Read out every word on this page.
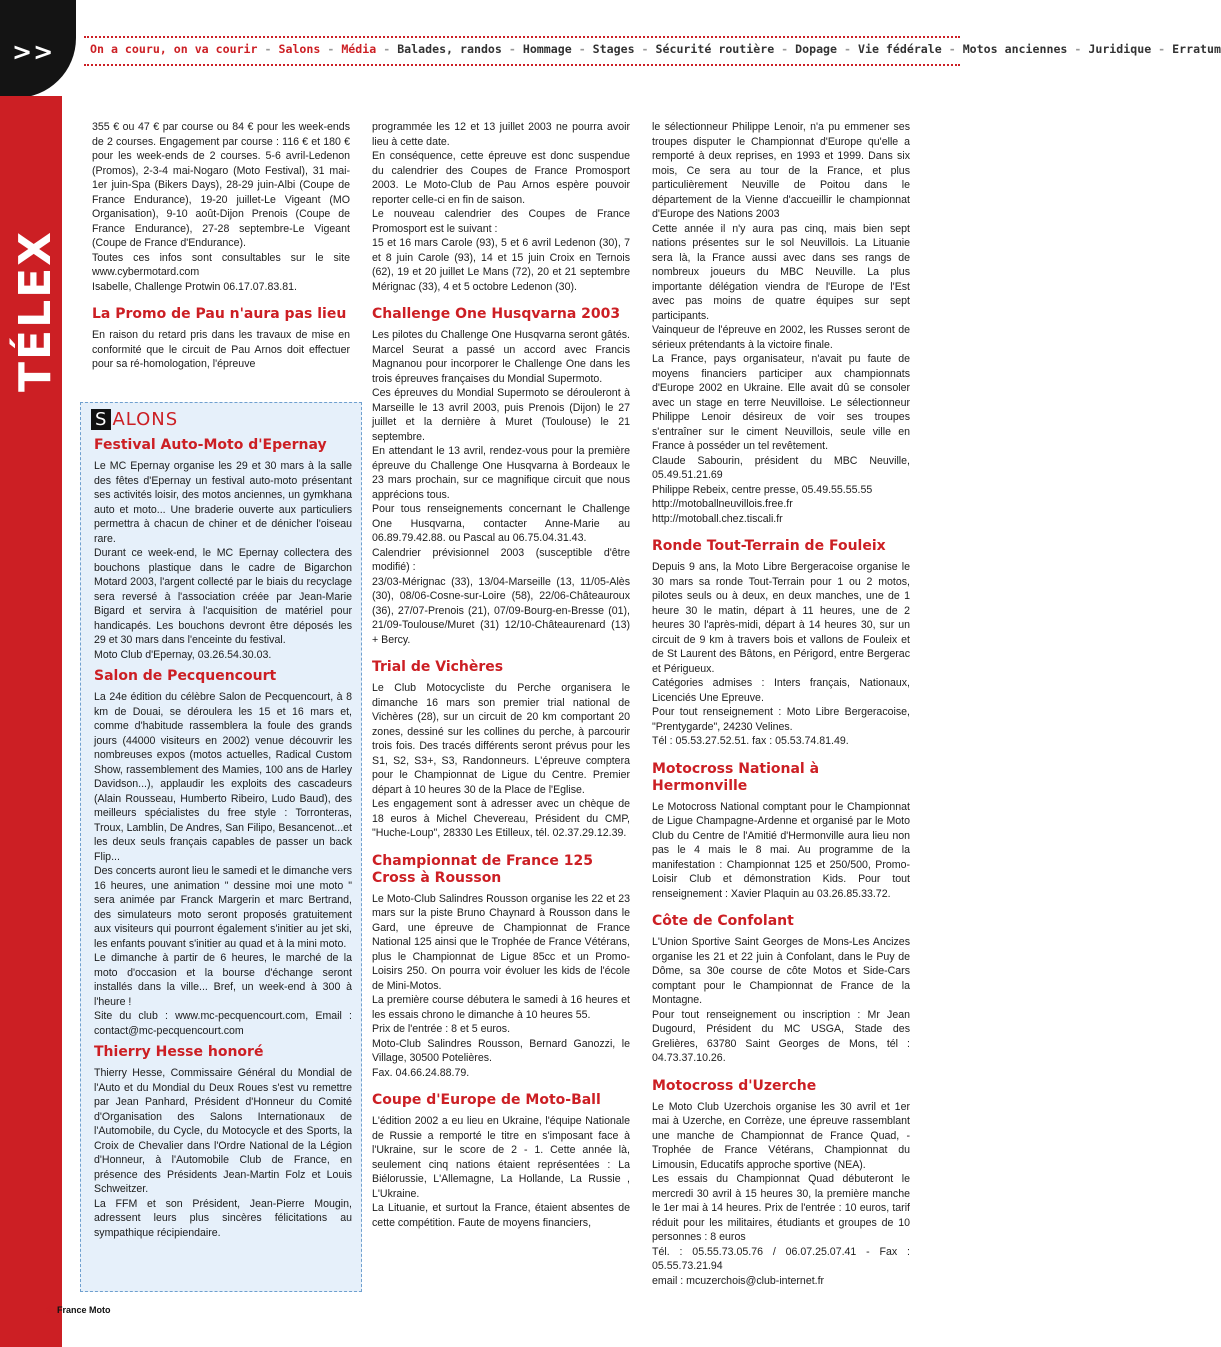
>>
TÉLEX
On a couru, on va courir - Salons - Média - Balades, randos - Hommage - Stages - Sécurité routière - Dopage - Vie fédérale - Motos anciennes - Juridique - Erratum

355 € ou 47 € par course ou 84 € pour les week-ends de 2 courses. Engagement par course : 116 € et 180 € pour les week-ends de 2 courses. 5-6 avril-Ledenon (Promos), 2-3-4 mai-Nogaro (Moto Festival), 31 mai-1er juin-Spa (Bikers Days), 28-29 juin-Albi (Coupe de France Endurance), 19-20 juillet-Le Vigeant (MO Organisation), 9-10 août-Dijon Prenois (Coupe de France Endurance), 27-28 septembre-Le Vigeant (Coupe de France d'Endurance).

Toutes ces infos sont consultables sur le site www.cybermotard.com

Isabelle, Challenge Protwin 06.17.07.83.81.

La Promo de Pau n'aura pas lieu

En raison du retard pris dans les travaux de mise en conformité que le circuit de Pau Arnos doit effectuer pour sa ré-homologation, l'épreuve

S ALONS
Festival Auto-Moto d'Epernay

Le MC Epernay organise les 29 et 30 mars à la salle des fêtes d'Epernay un festival auto-moto présentant ses activités loisir, des motos anciennes, un gymkhana auto et moto... Une braderie ouverte aux particuliers permettra à chacun de chiner et de dénicher l'oiseau rare.

Durant ce week-end, le MC Epernay collectera des bouchons plastique dans le cadre de Bigarchon Motard 2003, l'argent collecté par le biais du recyclage sera reversé à l'association créée par Jean-Marie Bigard et servira à l'acquisition de matériel pour handicapés. Les bouchons devront être déposés les 29 et 30 mars dans l'enceinte du festival.

Moto Club d'Epernay, 03.26.54.30.03.

Salon de Pecquencourt

La 24e édition du célèbre Salon de Pecquencourt, à 8 km de Douai, se déroulera les 15 et 16 mars et, comme d'habitude rassemblera la foule des grands jours (44000 visiteurs en 2002) venue découvrir les nombreuses expos (motos actuelles, Radical Custom Show, rassemblement des Mamies, 100 ans de Harley Davidson...), applaudir les exploits des cascadeurs (Alain Rousseau, Humberto Ribeiro, Ludo Baud), des meilleurs spécialistes du free style : Torronteras, Troux, Lamblin, De Andres, San Filipo, Besancenot...et les deux seuls français capables de passer un back Flip...

Des concerts auront lieu le samedi et le dimanche vers 16 heures, une animation " dessine moi une moto " sera animée par Franck Margerin et marc Bertrand, des simulateurs moto seront proposés gratuitement aux visiteurs qui pourront également s'initier au jet ski, les enfants pouvant s'initier au quad et à la mini moto.

Le dimanche à partir de 6 heures, le marché de la moto d'occasion et la bourse d'échange seront installés dans la ville... Bref, un week-end à 300 à l'heure !

Site du club : www.mc-pecquencourt.com, Email : contact@mc-pecquencourt.com

Thierry Hesse honoré

Thierry Hesse, Commissaire Général du Mondial de l'Auto et du Mondial du Deux Roues s'est vu remettre par Jean Panhard, Président d'Honneur du Comité d'Organisation des Salons Internationaux de l'Automobile, du Cycle, du Motocycle et des Sports, la Croix de Chevalier dans l'Ordre National de la Légion d'Honneur, à l'Automobile Club de France, en présence des Présidents Jean-Martin Folz et Louis Schweitzer.

La FFM et son Président, Jean-Pierre Mougin, adressent leurs plus sincères félicitations au sympathique récipiendaire.

programmée les 12 et 13 juillet 2003 ne pourra avoir lieu à cette date.

En conséquence, cette épreuve est donc suspendue du calendrier des Coupes de France Promosport 2003. Le Moto-Club de Pau Arnos espère pouvoir reporter celle-ci en fin de saison.

Le nouveau calendrier des Coupes de France Promosport est le suivant :

15 et 16 mars Carole (93), 5 et 6 avril Ledenon (30), 7 et 8 juin Carole (93), 14 et 15 juin Croix en Ternois (62), 19 et 20 juillet Le Mans (72), 20 et 21 septembre Mérignac (33), 4 et 5 octobre Ledenon (30).

Challenge One Husqvarna 2003

Les pilotes du Challenge One Husqvarna seront gâtés. Marcel Seurat a passé un accord avec Francis Magnanou pour incorporer le Challenge One dans les trois épreuves françaises du Mondial Supermoto.

Ces épreuves du Mondial Supermoto se dérouleront à Marseille le 13 avril 2003, puis Prenois (Dijon) le 27 juillet et la dernière à Muret (Toulouse) le 21 septembre.

En attendant le 13 avril, rendez-vous pour la première épreuve du Challenge One Husqvarna à Bordeaux le 23 mars prochain, sur ce magnifique circuit que nous apprécions tous.

Pour tous renseignements concernant le Challenge One Husqvarna, contacter Anne-Marie au 06.89.79.42.88. ou Pascal au 06.75.04.31.43.

Calendrier prévisionnel 2003 (susceptible d'être modifié) :

23/03-Mérignac (33), 13/04-Marseille (13, 11/05-Alès (30), 08/06-Cosne-sur-Loire (58), 22/06-Châteauroux (36), 27/07-Prenois (21), 07/09-Bourg-en-Bresse (01), 21/09-Toulouse/Muret (31) 12/10-Châteaurenard (13) + Bercy.

Trial de Vichères

Le Club Motocycliste du Perche organisera le dimanche 16 mars son premier trial national de Vichères (28), sur un circuit de 20 km comportant 20 zones, dessiné sur les collines du perche, à parcourir trois fois. Des tracés différents seront prévus pour les S1, S2, S3+, S3, Randonneurs. L'épreuve comptera pour le Championnat de Ligue du Centre. Premier départ à 10 heures 30 de la Place de l'Eglise.

Les engagement sont à adresser avec un chèque de 18 euros à Michel Chevereau, Président du CMP, "Huche-Loup", 28330 Les Etilleux, tél. 02.37.29.12.39.

Championnat de France 125 Cross à Rousson

Le Moto-Club Salindres Rousson organise les 22 et 23 mars sur la piste Bruno Chaynard à Rousson dans le Gard, une épreuve de Championnat de France National 125 ainsi que le Trophée de France Vétérans, plus le Championnat de Ligue 85cc et un Promo-Loisirs 250. On pourra voir évoluer les kids de l'école de Mini-Motos.

La première course débutera le samedi à 16 heures et les essais chrono le dimanche à 10 heures 55.

Prix de l'entrée : 8 et 5 euros.

Moto-Club Salindres Rousson, Bernard Ganozzi, le Village, 30500 Potelières.

Fax. 04.66.24.88.79.

Coupe d'Europe de Moto-Ball

L'édition 2002 a eu lieu en Ukraine, l'équipe Nationale de Russie a remporté le titre en s'imposant face à l'Ukraine, sur le score de 2 - 1. Cette année là, seulement cinq nations étaient représentées : La Biélorussie, L'Allemagne, La Hollande, La Russie , L'Ukraine.

La Lituanie, et surtout la France, étaient absentes de cette compétition. Faute de moyens financiers,

le sélectionneur Philippe Lenoir, n'a pu emmener ses troupes disputer le Championnat d'Europe qu'elle a remporté à deux reprises, en 1993 et 1999. Dans six mois, Ce sera au tour de la France, et plus particulièrement Neuville de Poitou dans le département de la Vienne d'accueillir le championnat d'Europe des Nations 2003

Cette année il n'y aura pas cinq, mais bien sept nations présentes sur le sol Neuvillois. La Lituanie sera là, la France aussi avec dans ses rangs de nombreux joueurs du MBC Neuville. La plus importante délégation viendra de l'Europe de l'Est avec pas moins de quatre équipes sur sept participants.

Vainqueur de l'épreuve en 2002, les Russes seront de sérieux prétendants à la victoire finale.

La France, pays organisateur, n'avait pu faute de moyens financiers participer aux championnats d'Europe 2002 en Ukraine. Elle avait dû se consoler avec un stage en terre Neuvilloise. Le sélectionneur Philippe Lenoir désireux de voir ses troupes s'entraîner sur le ciment Neuvillois, seule ville en France à posséder un tel revêtement.

Claude Sabourin, président du MBC Neuville, 05.49.51.21.69

Philippe Rebeix, centre presse, 05.49.55.55.55

http://motoballneuvillois.free.fr

http://motoball.chez.tiscali.fr

Ronde Tout-Terrain de Fouleix

Depuis 9 ans, la Moto Libre Bergeracoise organise le 30 mars sa ronde Tout-Terrain pour 1 ou 2 motos, pilotes seuls ou à deux, en deux manches, une de 1 heure 30 le matin, départ à 11 heures, une de 2 heures 30 l'après-midi, départ à 14 heures 30, sur un circuit de 9 km à travers bois et vallons de Fouleix et de St Laurent des Bâtons, en Périgord, entre Bergerac et Périgueux.

Catégories admises : Inters français, Nationaux, Licenciés Une Epreuve.

Pour tout renseignement : Moto Libre Bergeracoise, "Prentygarde", 24230 Velines.

Tél : 05.53.27.52.51. fax : 05.53.74.81.49.

Motocross National à Hermonville

Le Motocross National comptant pour le Championnat de Ligue Champagne-Ardenne et organisé par le Moto Club du Centre de l'Amitié d'Hermonville aura lieu non pas le 4 mais le 8 mai. Au programme de la manifestation : Championnat 125 et 250/500, Promo-Loisir Club et démonstration Kids. Pour tout renseignement : Xavier Plaquin au 03.26.85.33.72.

Côte de Confolant

L'Union Sportive Saint Georges de Mons-Les Ancizes organise les 21 et 22 juin à Confolant, dans le Puy de Dôme, sa 30e course de côte Motos et Side-Cars comptant pour le Championnat de France de la Montagne.

Pour tout renseignement ou inscription : Mr Jean Dugourd, Président du MC USGA, Stade des Grelières, 63780 Saint Georges de Mons, tél : 04.73.37.10.26.

Motocross d'Uzerche

Le Moto Club Uzerchois organise les 30 avril et 1er mai à Uzerche, en Corrèze, une épreuve rassemblant une manche de Championnat de France Quad, - Trophée de France Vétérans, Championnat du Limousin, Educatifs approche sportive (NEA).

Les essais du Championnat Quad débuteront le mercredi 30 avril à 15 heures 30, la première manche le 1er mai à 14 heures. Prix de l'entrée : 10 euros, tarif réduit pour les militaires, étudiants et groupes de 10 personnes : 8 euros

Tél. : 05.55.73.05.76 / 06.07.25.07.41 - Fax : 05.55.73.21.94

email : mcuzerchois@club-internet.fr

6 France Moto
